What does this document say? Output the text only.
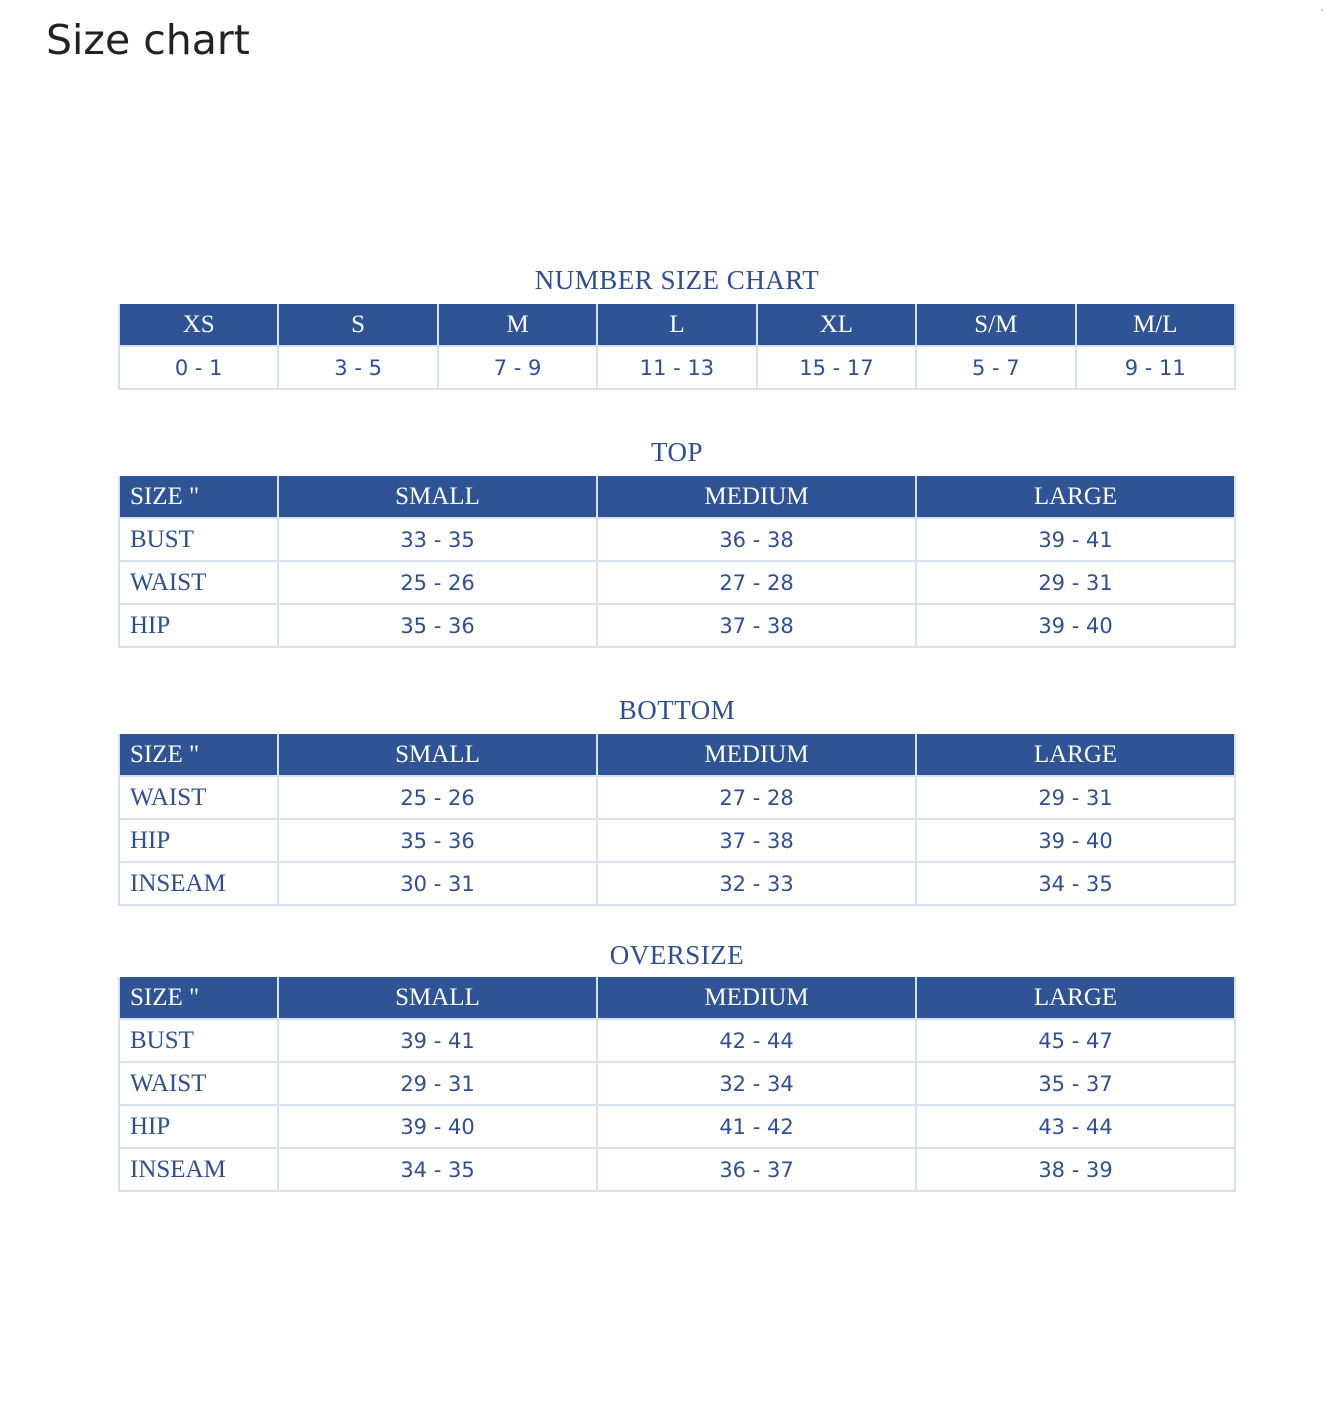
Size chart
.
NUMBER SIZE CHART
XS	S	M	L	XL	S/M	M/L
0 - 1	3 - 5	7 - 9	11 - 13	15 - 17	5 - 7	9 - 11
TOP
SIZE "	SMALL	MEDIUM	LARGE
BUST	33 - 35	36 - 38	39 - 41
WAIST	25 - 26	27 - 28	29 - 31
HIP	35 - 36	37 - 38	39 - 40
BOTTOM
SIZE "	SMALL	MEDIUM	LARGE
WAIST	25 - 26	27 - 28	29 - 31
HIP	35 - 36	37 - 38	39 - 40
INSEAM	30 - 31	32 - 33	34 - 35
OVERSIZE
SIZE "	SMALL	MEDIUM	LARGE
BUST	39 - 41	42 - 44	45 - 47
WAIST	29 - 31	32 - 34	35 - 37
HIP	39 - 40	41 - 42	43 - 44
INSEAM	34 - 35	36 - 37	38 - 39
